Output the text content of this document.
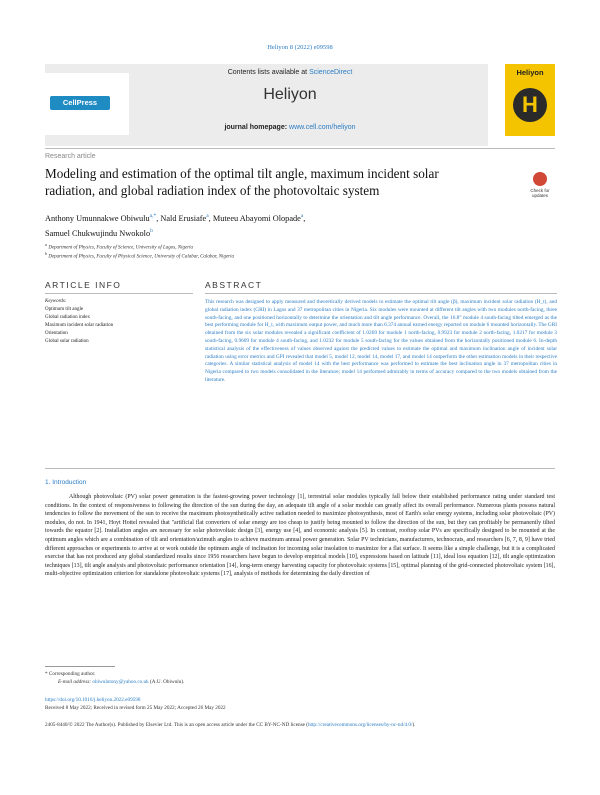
Heliyon 8 (2022) e09598
CellPress
Contents lists available at ScienceDirect
Heliyon
journal homepage: www.cell.com/heliyon
Heliyon
H
Research article
Modeling and estimation of the optimal tilt angle, maximum incident solar radiation, and global radiation index of the photovoltaic system	Check for updates
Anthony Umunnakwe Obiwulu$^{a,*}$, Nald Erusiafe$^a$, Muteeu Abayomi Olopade$^a$,
Samuel Chukwujindu Nwokolo$^b$
$^a$ Department of Physics, Faculty of Science, University of Lagos, Nigeria
$^b$ Department of Physics, Faculty of Physical Science, University of Calabar, Calabar, Nigeria
ARTICLE INFO	ABSTRACT
Keywords:
Optimum tilt angle
Global radiation index
Maximum incident solar radiation
Orientation
Global solar radiation
This research was designed to apply measured and theoretically derived models to estimate the optimal tilt angle (β), maximum incident solar radiation (H_t), and global radiation index (GRI) in Lagos and 37 metropolitan cities in Nigeria. Six modules were mounted at different tilt angles with two modules north-facing, three south-facing, and one positioned horizontally to determine the orientation and tilt angle performance. Overall, the 16.8° module 4 south-facing tilted emerged as the best performing module for H_t, with maximum output power, and much more than 6.374 annual earned energy reported on module 6 mounted horizontally. The GRI obtained from the six solar modules revealed a significant coefficient of 1.0269 for module 1 north-facing, 0.9923 for module 2 north-facing, 1.0217 for module 3 south-facing, 0.9609 for module 4 south-facing, and 1.0232 for module 5 south-facing for the values obtained from the horizontally positioned module 6. In-depth statistical analysis of the effectiveness of values observed against the predicted values to estimate the optimal and maximum inclination angle of incident solar radiation using error metrics and GPI revealed that model 5, model 12, model 14, model 17, and model 14 outperform the other estimation models in their respective categories. A similar statistical analysis of model 14 with the best performance was performed to estimate the best inclination angle in 37 metropolitan cities in Nigeria compared to two models consolidated in the literature; model 14 performed admirably in terms of accuracy compared to the two models obtained from the literature.
1. Introduction
Although photovoltaic (PV) solar power generation is the fastest-growing power technology [1], terrestrial solar modules typically fall below their established performance rating under standard test conditions. In the context of responsiveness to following the direction of the sun during the day, an adequate tilt angle of a solar module can greatly affect its overall performance. Numerous plants possess natural tendencies to follow the movement of the sun to receive the maximum photosynthetically active radiation needed to maximize photosynthesis, most of Earth's solar energy systems, including solar photovoltaic (PV) modules, do not. In 1941, Hoyt Hottel revealed that "artificial flat converters of solar energy are too cheap to justify being mounted to follow the direction of the sun, but they can profitably be permanently tilted towards the equator [2]. Installation angles are necessary for solar photovoltaic design [3], energy use [4], and economic analysis [5]. In contrast, rooftop solar PVs are specifically designed to be mounted at the optimum angles which are a combination of tilt and orientation/azimuth angles to achieve maximum annual power generation. Solar PV technicians, manufacturers, technocrats, and researchers [6, 7, 8, 9] have tried different approaches or experiments to arrive at or work outside the optimum angle of inclination for incoming solar insolation to maximize for a flat surface. It seems like a simple challenge, but it is a complicated exercise that has not produced any global standardized results since 1956 researchers have begun to develop empirical models [10], expressions based on latitude [11], ideal loss equation [12], tilt angle optimization techniques [13], tilt angle analysis and photovoltaic performance orientation [14], long-term energy harvesting capacity for photovoltaic systems [15], optimal planning of the grid-connected photovoltaic system [16], multi-objective optimization criterion for standalone photovoltaic systems [17], analysis of methods for determining the daily direction of
* Corresponding author.
E-mail address: obiwulutony@yahoo.co.uk (A.U. Obiwulu).
https://doi.org/10.1016/j.heliyon.2022.e09598
Received 8 May 2022; Received in revised form 25 May 2022; Accepted 26 May 2022
2405-8440/© 2022 The Author(s). Published by Elsevier Ltd. This is an open access article under the CC BY-NC-ND license (http://creativecommons.org/licenses/by-nc-nd/4.0/).
